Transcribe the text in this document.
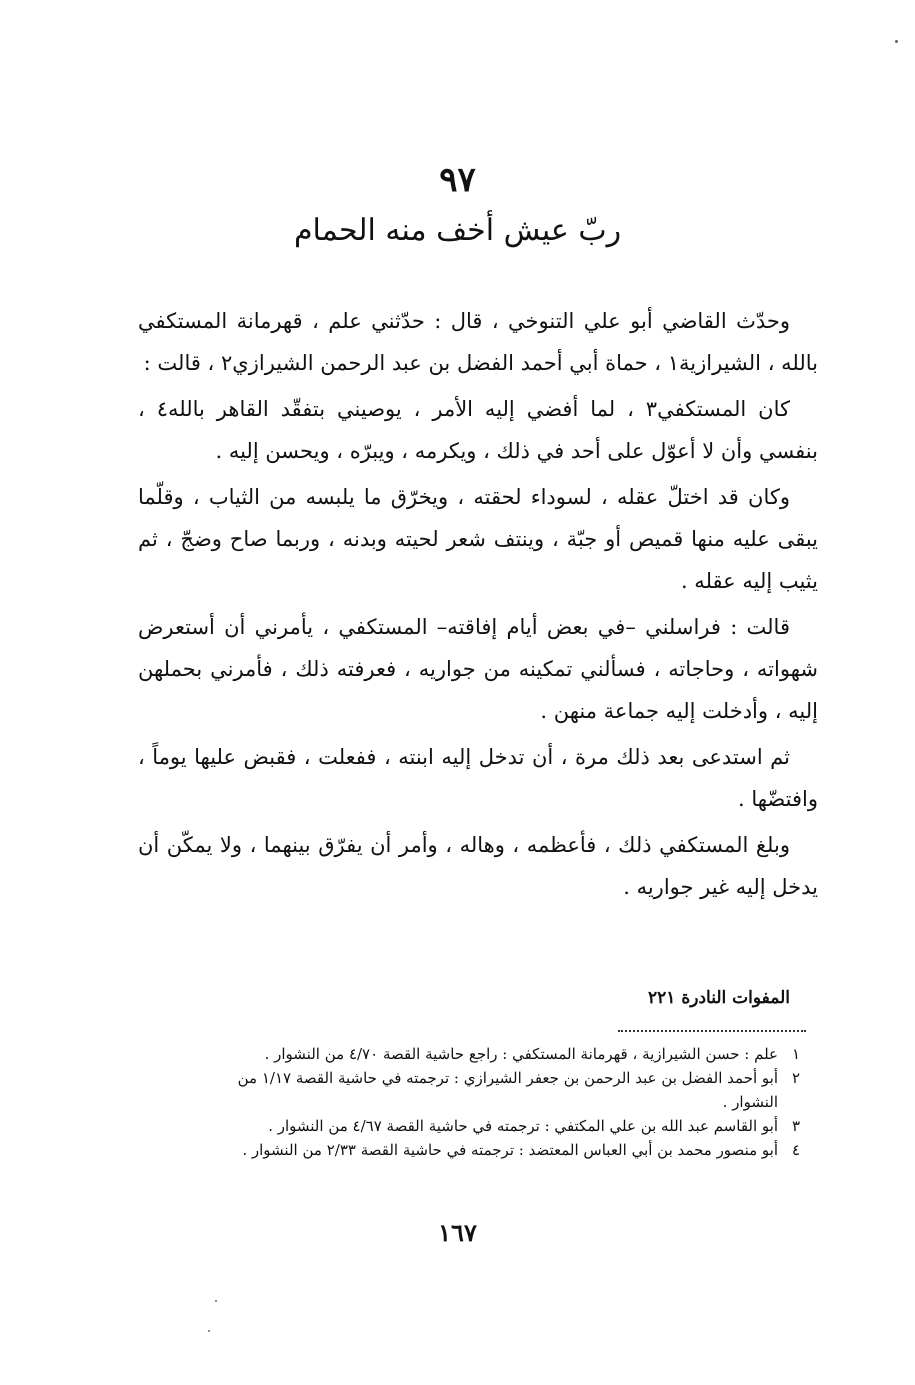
٩٧
ربّ عيش أخف منه الحمام

وحدّث القاضي أبو علي التنوخي ، قال : حدّثني علم ، قهرمانة المستكفي بالله ، الشيرازية١ ، حماة أبي أحمد الفضل بن عبد الرحمن الشيرازي٢ ، قالت :

كان المستكفي٣ ، لما أفضي إليه الأمر ، يوصيني بتفقّد القاهر بالله٤ ، بنفسي وأن لا أعوّل على أحد في ذلك ، ويكرمه ، ويبرّه ، ويحسن إليه .

وكان قد اختلّ عقله ، لسوداء لحقته ، ويخرّق ما يلبسه من الثياب ، وقلّما يبقى عليه منها قميص أو جبّة ، وينتف شعر لحيته وبدنه ، وربما صاح وضجّ ، ثم يثيب إليه عقله .

قالت : فراسلني –في بعض أيام إفاقته– المستكفي ، يأمرني أن أستعرض شهواته ، وحاجاته ، فسألني تمكينه من جواريه ، فعرفته ذلك ، فأمرني بحملهن إليه ، وأدخلت إليه جماعة منهن .

ثم استدعى بعد ذلك مرة ، أن تدخل إليه ابنته ، ففعلت ، فقبض عليها يوماً ، وافتضّها .

وبلغ المستكفي ذلك ، فأعظمه ، وهاله ، وأمر أن يفرّق بينهما ، ولا يمكّن أن يدخل إليه غير جواريه .

المفوات النادرة ٢٢١
١علم : حسن الشيرازية ، قهرمانة المستكفي : راجع حاشية القصة ٤/٧٠ من النشوار .
٢أبو أحمد الفضل بن عبد الرحمن بن جعفر الشيرازي : ترجمته في حاشية القصة ١/١٧ من
النشوار .
٣أبو القاسم عبد الله بن علي المكتفي : ترجمته في حاشية القصة ٤/٦٧ من النشوار .
٤أبو منصور محمد بن أبي العباس المعتضد : ترجمته في حاشية القصة ٢/٣٣ من النشوار .
١٦٧
